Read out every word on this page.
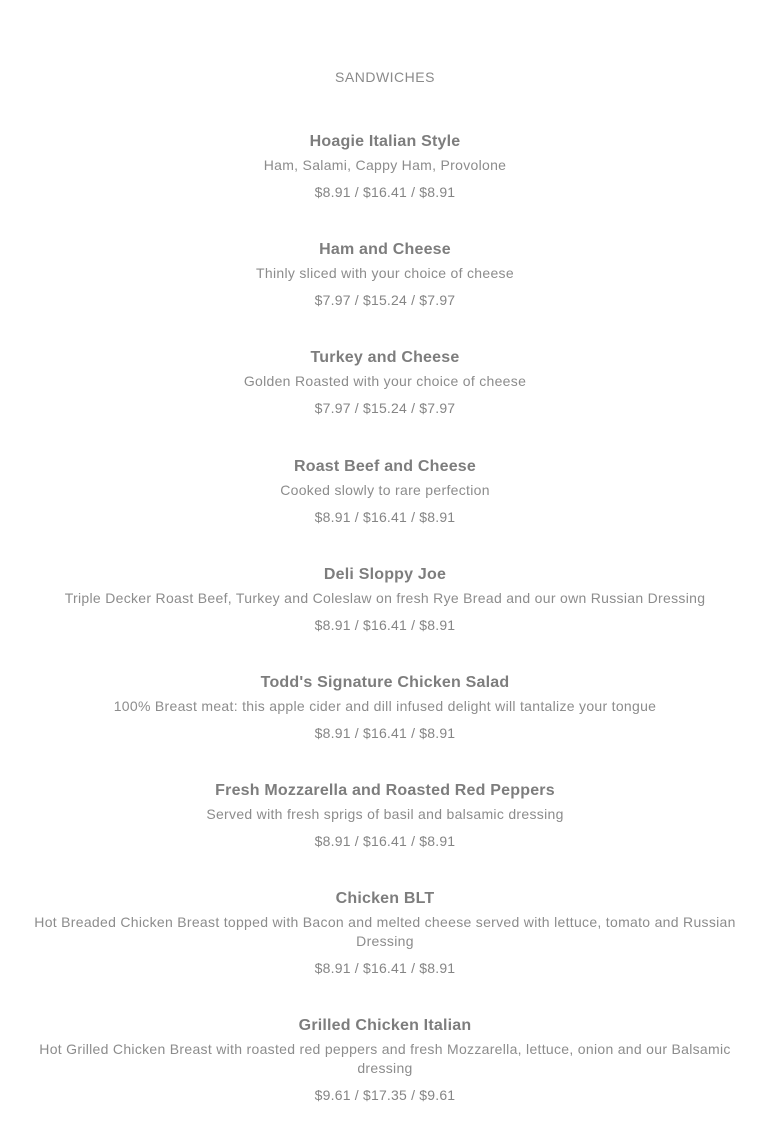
SANDWICHES
Hoagie Italian Style
Ham, Salami, Cappy Ham, Provolone
$8.91 / $16.41 / $8.91
Ham and Cheese
Thinly sliced with your choice of cheese
$7.97 / $15.24 / $7.97
Turkey and Cheese
Golden Roasted with your choice of cheese
$7.97 / $15.24 / $7.97
Roast Beef and Cheese
Cooked slowly to rare perfection
$8.91 / $16.41 / $8.91
Deli Sloppy Joe
Triple Decker Roast Beef, Turkey and Coleslaw on fresh Rye Bread and our own Russian Dressing
$8.91 / $16.41 / $8.91
Todd's Signature Chicken Salad
100% Breast meat: this apple cider and dill infused delight will tantalize your tongue
$8.91 / $16.41 / $8.91
Fresh Mozzarella and Roasted Red Peppers
Served with fresh sprigs of basil and balsamic dressing
$8.91 / $16.41 / $8.91
Chicken BLT
Hot Breaded Chicken Breast topped with Bacon and melted cheese served with lettuce, tomato and Russian Dressing
$8.91 / $16.41 / $8.91
Grilled Chicken Italian
Hot Grilled Chicken Breast with roasted red peppers and fresh Mozzarella, lettuce, onion and our Balsamic dressing
$9.61 / $17.35 / $9.61
